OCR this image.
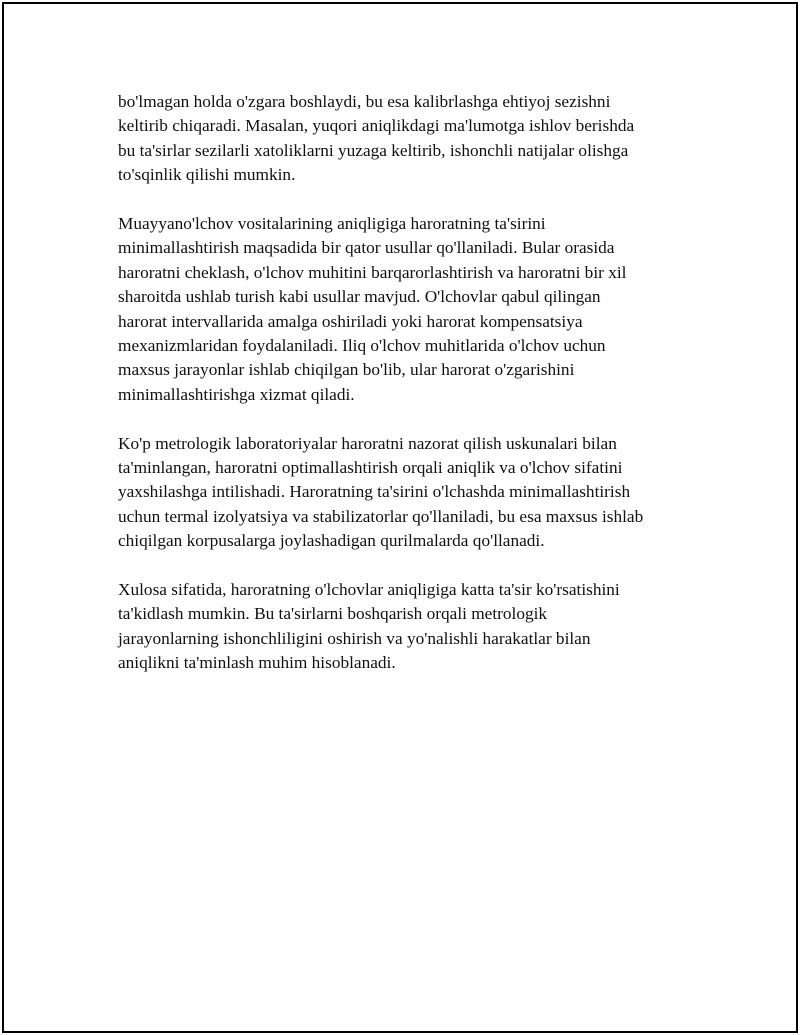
bo'lmagan holda o'zgara boshlaydi, bu esa kalibrlashga ehtiyoj sezishni
keltirib chiqaradi. Masalan, yuqori aniqlikdagi ma'lumotga ishlov berishda
bu ta'sirlar sezilarli xatoliklarni yuzaga keltirib, ishonchli natijalar olishga
to'sqinlik qilishi mumkin.

Muayyano'lchov vositalarining aniqligiga haroratning ta'sirini
minimallashtirish maqsadida bir qator usullar qo'llaniladi. Bular orasida
haroratni cheklash, o'lchov muhitini barqarorlashtirish va haroratni bir xil
sharoitda ushlab turish kabi usullar mavjud. O'lchovlar qabul qilingan
harorat intervallarida amalga oshiriladi yoki harorat kompensatsiya
mexanizmlaridan foydalaniladi. Iliq o'lchov muhitlarida o'lchov uchun
maxsus jarayonlar ishlab chiqilgan bo'lib, ular harorat o'zgarishini
minimallashtirishga xizmat qiladi.

Ko'p metrologik laboratoriyalar haroratni nazorat qilish uskunalari bilan
ta'minlangan, haroratni optimallashtirish orqali aniqlik va o'lchov sifatini
yaxshilashga intilishadi. Haroratning ta'sirini o'lchashda minimallashtirish
uchun termal izolyatsiya va stabilizatorlar qo'llaniladi, bu esa maxsus ishlab
chiqilgan korpusalarga joylashadigan qurilmalarda qo'llanadi.

Xulosa sifatida, haroratning o'lchovlar aniqligiga katta ta'sir ko'rsatishini
ta'kidlash mumkin. Bu ta'sirlarni boshqarish orqali metrologik
jarayonlarning ishonchliligini oshirish va yo'nalishli harakatlar bilan
aniqlikni ta'minlash muhim hisoblanadi.
